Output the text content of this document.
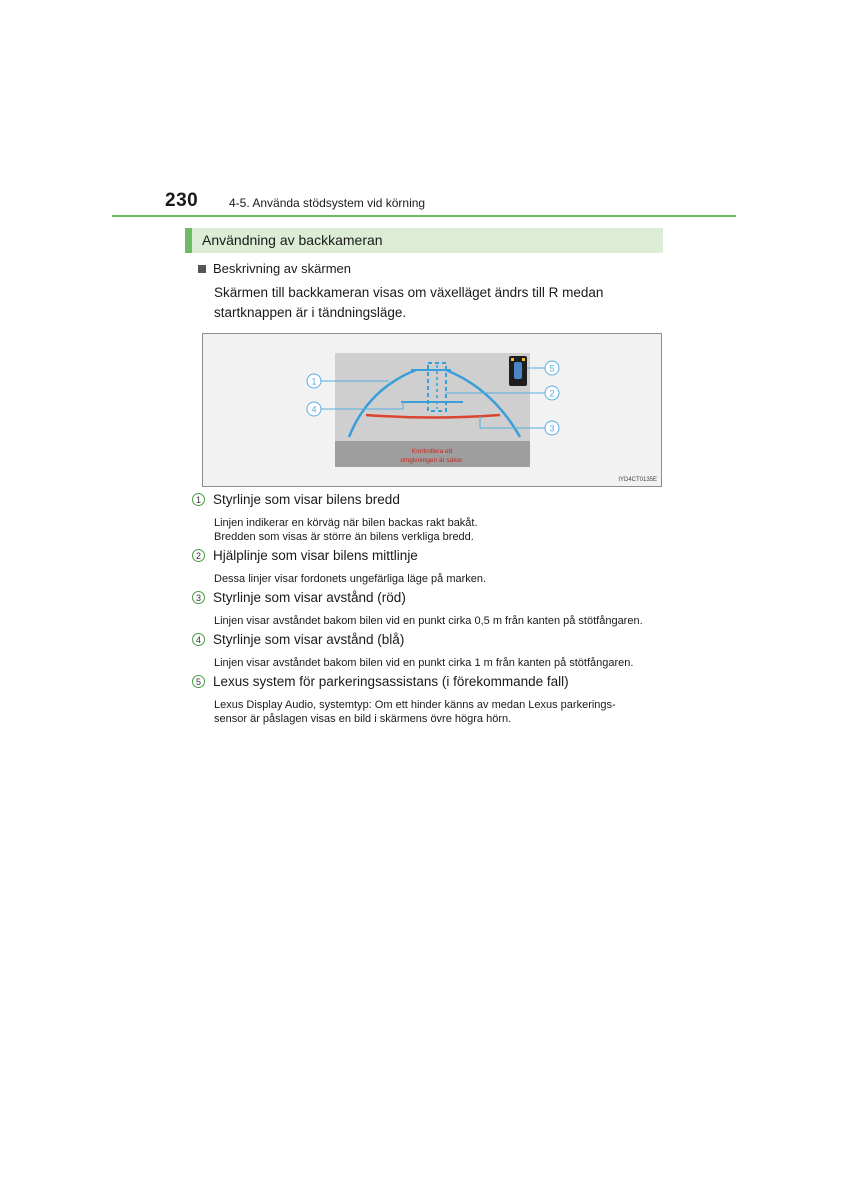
230	4-5. Använda stödsystem vid körning
Användning av backkameran
Beskrivning av skärmen
Skärmen till backkameran visas om växelläget ändrs till R medan startknappen är i tändningsläge.
Kontrollera ett
omgivningen är säker.
1
4
5
2
3
IYD4CT0135E
1 Styrlinje som visar bilens bredd
Linjen indikerar en körväg när bilen backas rakt bakåt.
Bredden som visas är större än bilens verkliga bredd.
2 Hjälplinje som visar bilens mittlinje
Dessa linjer visar fordonets ungefärliga läge på marken.
3 Styrlinje som visar avstånd (röd)
Linjen visar avståndet bakom bilen vid en punkt cirka 0,5 m från kanten på stötfångaren.
4 Styrlinje som visar avstånd (blå)
Linjen visar avståndet bakom bilen vid en punkt cirka 1 m från kanten på stötfångaren.
5 Lexus system för parkeringsassistans (i förekommande fall)
Lexus Display Audio, systemtyp: Om ett hinder känns av medan Lexus parkerings-
sensor är påslagen visas en bild i skärmens övre högra hörn.
